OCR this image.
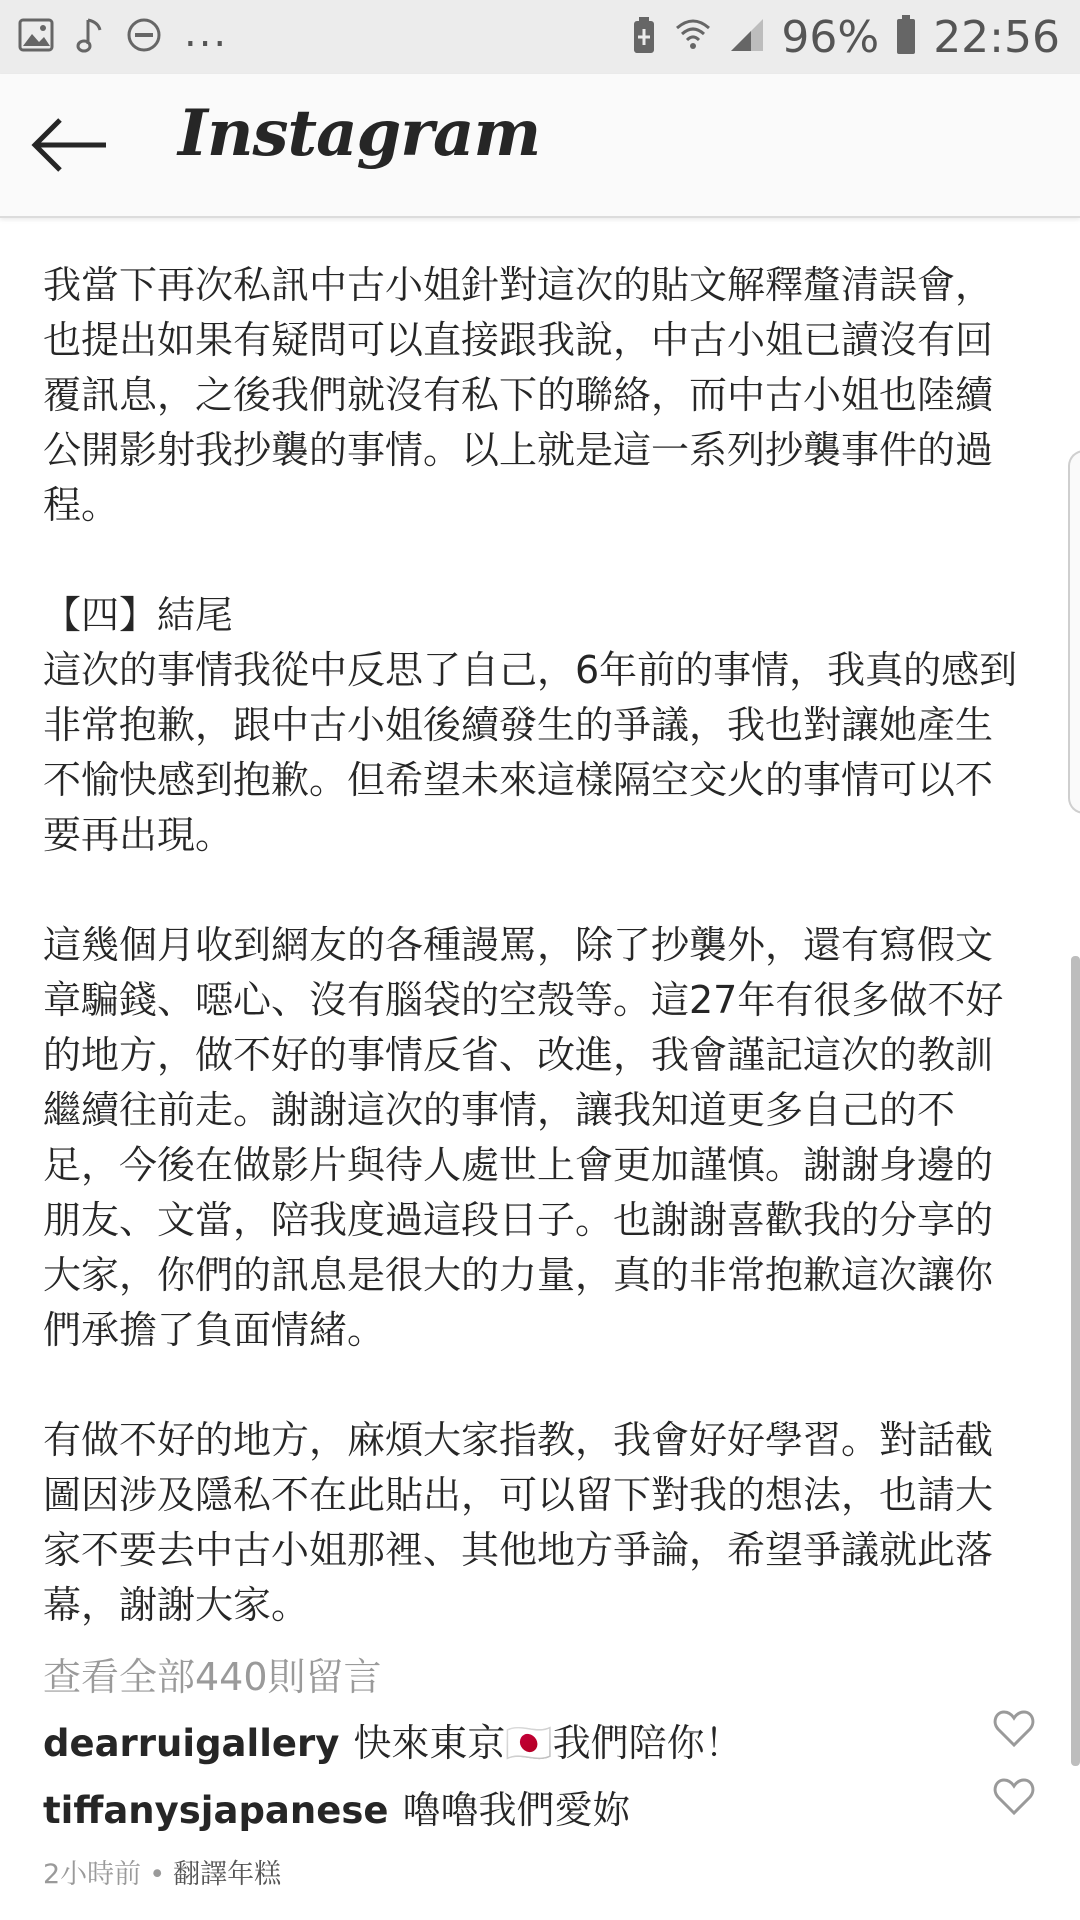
...	96% 22:56
Instagram

我當下再次私訊中古小姐針對這次的貼文解釋釐清誤會，也提出如果有疑問可以直接跟我說，中古小姐已讀沒有回覆訊息，之後我們就沒有私下的聯絡，而中古小姐也陸續公開影射我抄襲的事情。以上就是這一系列抄襲事件的過程。

【四】結尾

這次的事情我從中反思了自己，6年前的事情，我真的感到非常抱歉，跟中古小姐後續發生的爭議，我也對讓她產生不愉快感到抱歉。但希望未來這樣隔空交火的事情可以不要再出現。

這幾個月收到網友的各種謾罵，除了抄襲外，還有寫假文章騙錢、噁心、沒有腦袋的空殼等。這27年有很多做不好的地方，做不好的事情反省、改進，我會謹記這次的教訓繼續往前走。謝謝這次的事情，讓我知道更多自己的不足，今後在做影片與待人處世上會更加謹慎。謝謝身邊的朋友、文當，陪我度過這段日子。也謝謝喜歡我的分享的大家，你們的訊息是很大的力量，真的非常抱歉這次讓你們承擔了負面情緒。

有做不好的地方，麻煩大家指教，我會好好學習。對話截圖因涉及隱私不在此貼出，可以留下對我的想法，也請大家不要去中古小姐那裡、其他地方爭論，希望爭議就此落幕，謝謝大家。

查看全部440則留言
dearruigallery 快來東京🇯🇵我們陪你！
tiffanysjapanese 嚕嚕我們愛妳
2小時前 • 翻譯年糕
